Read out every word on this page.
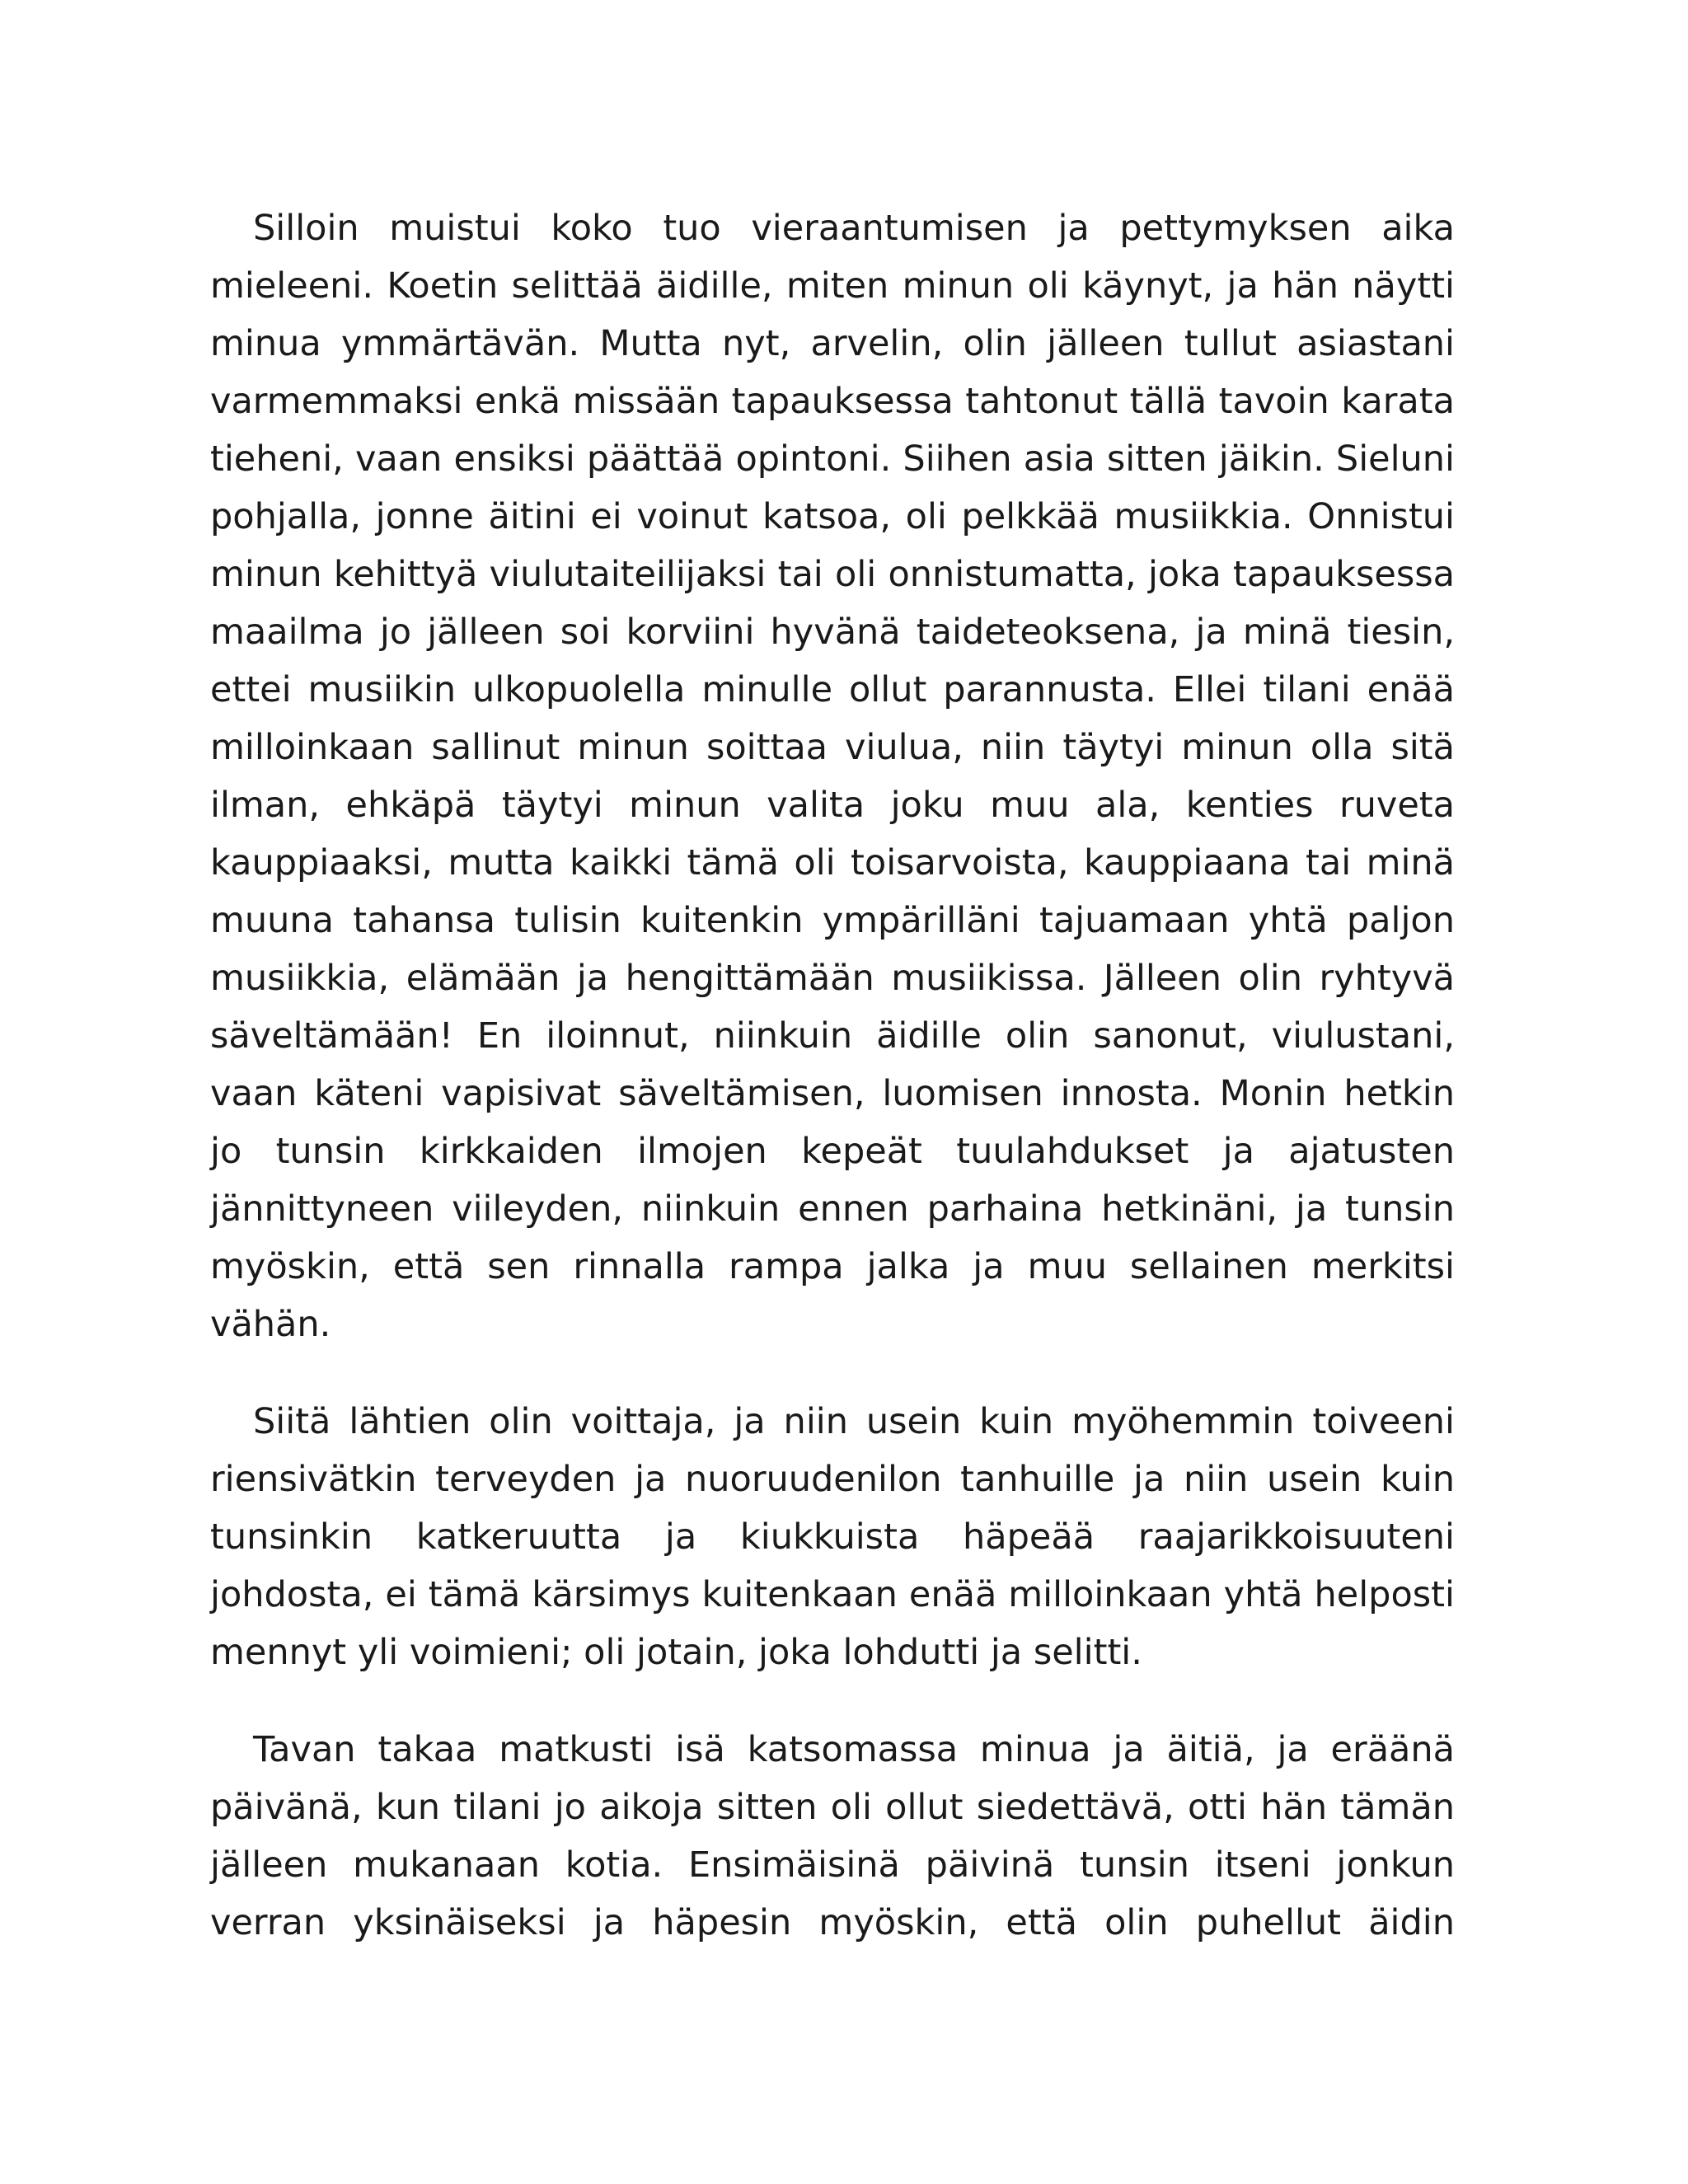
Silloin muistui koko tuo vieraantumisen ja pettymyksen aika mieleeni. Koetin selittää äidille, miten minun oli käynyt, ja hän näytti minua ymmärtävän. Mutta nyt, arvelin, olin jälleen tullut asiastani varmemmaksi enkä missään tapauksessa tahtonut tällä tavoin karata tieheni, vaan ensiksi päättää opintoni. Siihen asia sitten jäikin. Sieluni pohjalla, jonne äitini ei voinut katsoa, oli pelkkää musiikkia. Onnistui minun kehittyä viulutaiteilijaksi tai oli onnistumatta, joka tapauksessa maailma jo jälleen soi korviini hyvänä taideteoksena, ja minä tiesin, ettei musiikin ulkopuolella minulle ollut parannusta. Ellei tilani enää milloinkaan sallinut minun soittaa viulua, niin täytyi minun olla sitä ilman, ehkäpä täytyi minun valita joku muu ala, kenties ruveta kauppiaaksi, mutta kaikki tämä oli toisarvoista, kauppiaana tai minä muuna tahansa tulisin kuitenkin ympärilläni tajuamaan yhtä paljon musiikkia, elämään ja hengittämään musiikissa. Jälleen olin ryhtyvä säveltämään! En iloinnut, niinkuin äidille olin sanonut, viulustani, vaan käteni vapisivat säveltämisen, luomisen innosta. Monin hetkin jo tunsin kirkkaiden ilmojen kepeät tuulahdukset ja ajatusten jännittyneen viileyden, niinkuin ennen parhaina hetkinäni, ja tunsin myöskin, että sen rinnalla rampa jalka ja muu sellainen merkitsi vähän.

Siitä lähtien olin voittaja, ja niin usein kuin myöhemmin toiveeni riensivätkin terveyden ja nuoruudenilon tanhuille ja niin usein kuin tunsinkin katkeruutta ja kiukkuista häpeää raajarikkoisuuteni johdosta, ei tämä kärsimys kuitenkaan enää milloinkaan yhtä helposti mennyt yli voimieni; oli jotain, joka lohdutti ja selitti.

Tavan takaa matkusti isä katsomassa minua ja äitiä, ja eräänä päivänä, kun tilani jo aikoja sitten oli ollut siedettävä, otti hän tämän jälleen mukanaan kotia. Ensimäisinä päivinä tunsin itseni jonkun verran yksinäiseksi ja häpesin myöskin, että olin puhellut äidin
